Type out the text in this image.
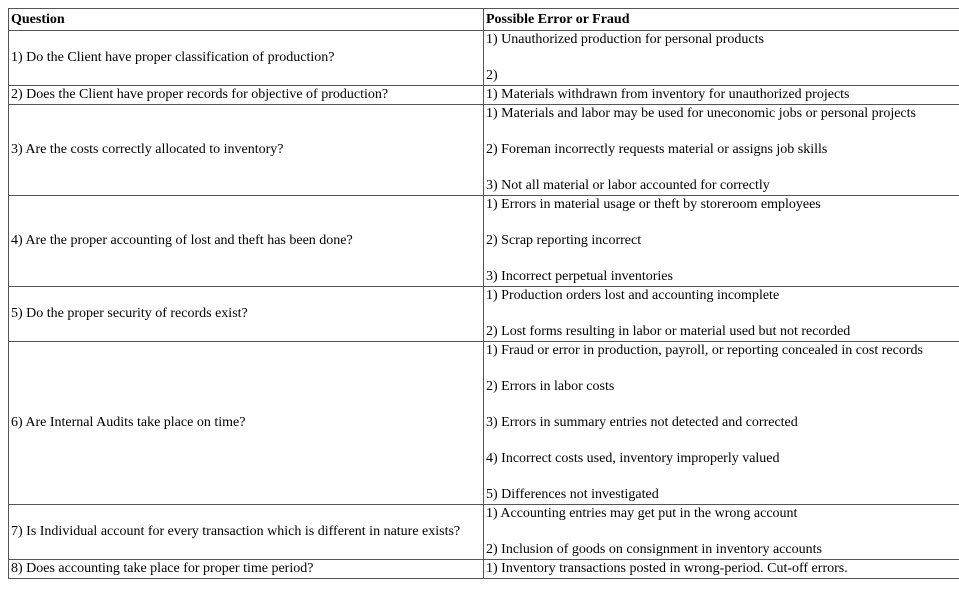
Question	Possible Error or Fraud
1) Do the Client have proper classification of production?	1) Unauthorized production for personal products
2)

2) Does the Client have proper records for objective of production?	1) Materials withdrawn from inventory for unauthorized projects

3) Are the costs correctly allocated to inventory?	1) Materials and labor may be used for uneconomic jobs or personal projects
2) Foreman incorrectly requests material or assigns job skills
3) Not all material or labor accounted for correctly

4) Are the proper accounting of lost and theft has been done?	1) Errors in material usage or theft by storeroom employees
2) Scrap reporting incorrect
3) Incorrect perpetual inventories

5) Do the proper security of records exist?	1) Production orders lost and accounting incomplete
2) Lost forms resulting in labor or material used but not recorded

6) Are Internal Audits take place on time?	1) Fraud or error in production, payroll, or reporting concealed in cost records
2) Errors in labor costs
3) Errors in summary entries not detected and corrected
4) Incorrect costs used, inventory improperly valued
5) Differences not investigated

7) Is Individual account for every transaction which is different in nature exists?	1) Accounting entries may get put in the wrong account
2) Inclusion of goods on consignment in inventory accounts

8) Does accounting take place for proper time period?	1) Inventory transactions posted in wrong-period. Cut-off errors.
